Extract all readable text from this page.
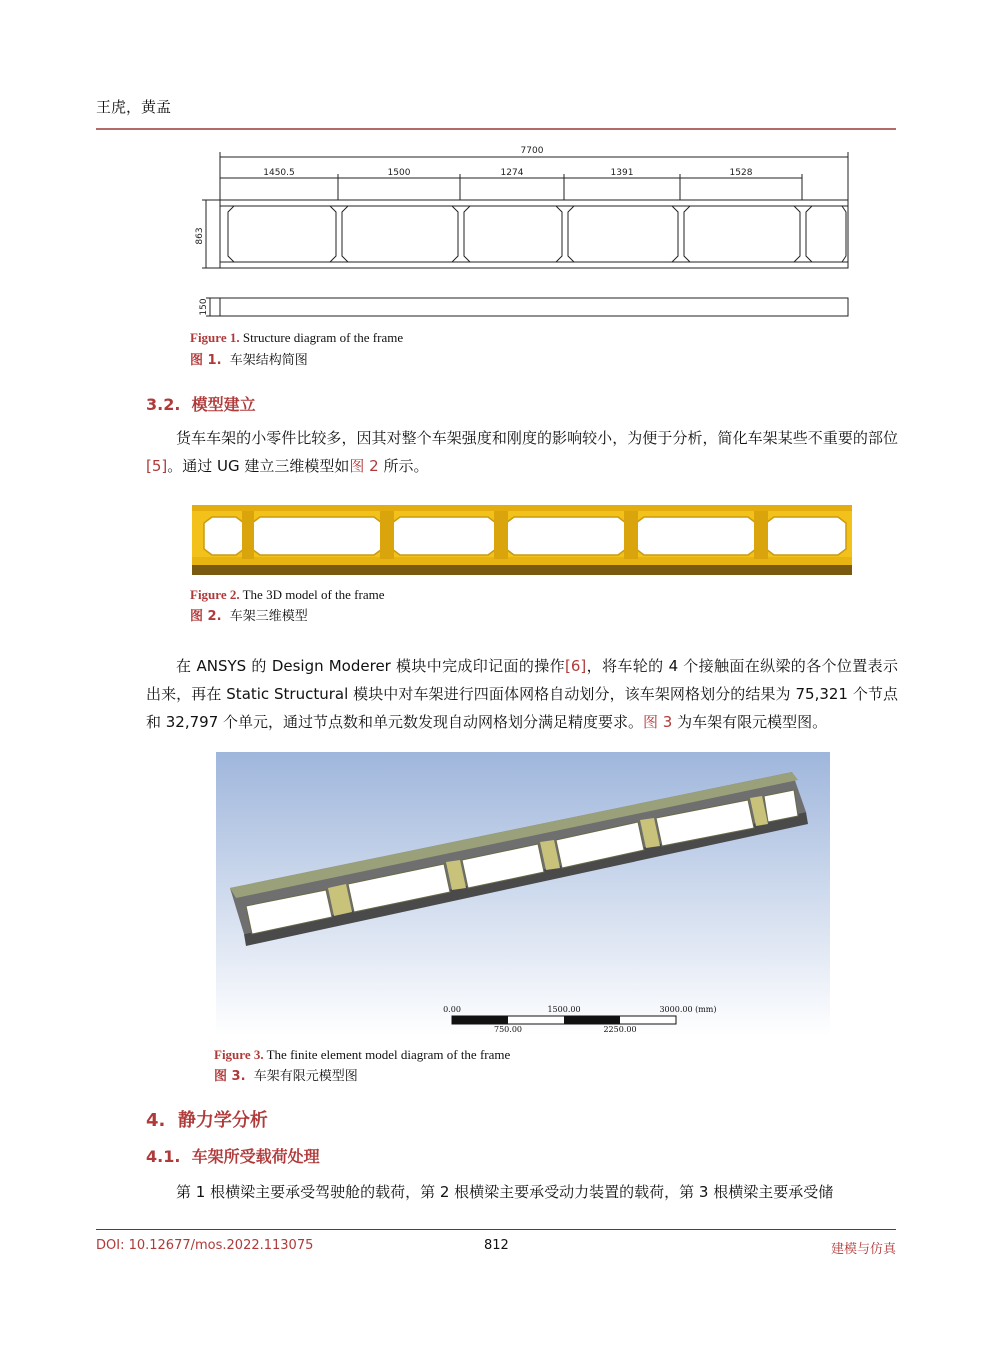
王虎，黄孟
7700
1450.5	1500	1274	1391	1528
863
150
Figure 1. Structure diagram of the frame
图 1. 车架结构简图
3.2. 模型建立
货车车架的小零件比较多，因其对整个车架强度和刚度的影响较小，为便于分析，简化车架某些不重要的部位[5]。通过 UG 建立三维模型如图 2 所示。
Figure 2. The 3D model of the frame
图 2. 车架三维模型
在 ANSYS 的 Design Moderer 模块中完成印记面的操作[6]，将车轮的 4 个接触面在纵梁的各个位置表示出来，再在 Static Structural 模块中对车架进行四面体网格自动划分，该车架网格划分的结果为 75,321 个节点和 32,797 个单元，通过节点数和单元数发现自动网格划分满足精度要求。图 3 为车架有限元模型图。
0.00	1500.00	3000.00 (mm)
750.00	2250.00
Figure 3. The finite element model diagram of the frame
图 3. 车架有限元模型图
4. 静力学分析
4.1. 车架所受载荷处理
第 1 根横梁主要承受驾驶舱的载荷，第 2 根横梁主要承受动力装置的载荷，第 3 根横梁主要承受储
DOI: 10.12677/mos.2022.113075	812	建模与仿真
